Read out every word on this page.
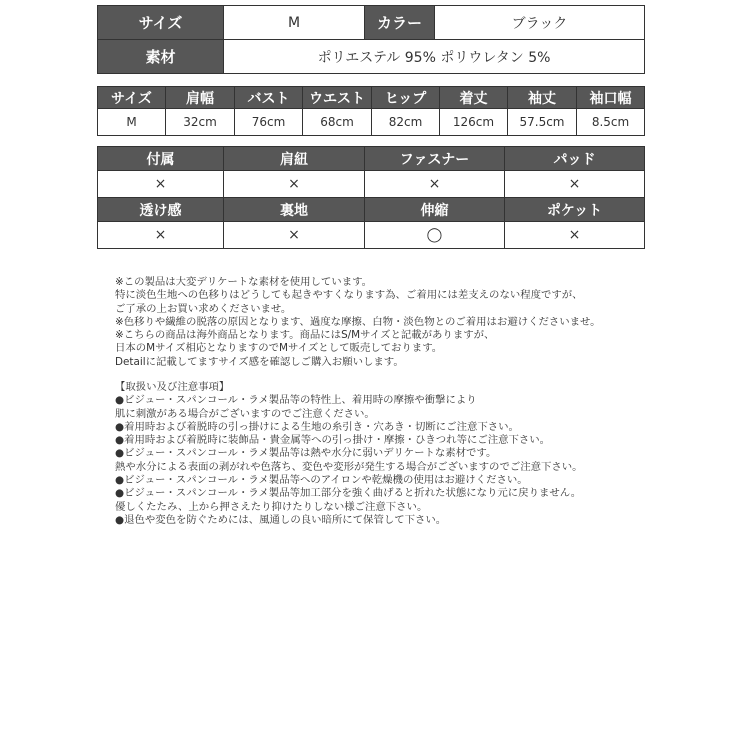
サイズ	M	カラー	ブラック
素材	ポリエステル 95% ポリウレタン 5%		
サイズ	肩幅	バスト	ウエスト	ヒップ	着丈	袖丈	袖口幅
M	32cm	76cm	68cm	82cm	126cm	57.5cm	8.5cm
付属	肩紐	ファスナー	パッド
×	×	×	×
透け感	裏地	伸縮	ポケット
×	×	◯	×
※この製品は大変デリケートな素材を使用しています。
特に淡色生地への色移りはどうしても起きやすくなります為、ご着用には差支えのない程度ですが、
ご了承の上お買い求めくださいませ。
※色移りや繊維の脱落の原因となります、過度な摩擦、白物・淡色物とのご着用はお避けくださいませ。
※こちらの商品は海外商品となります。商品にはS/Mサイズと記載がありますが、
日本のMサイズ相応となりますのでMサイズとして販売しております。
Detailに記載してますサイズ感を確認しご購入お願いします。
【取扱い及び注意事項】
●ビジュー・スパンコール・ラメ製品等の特性上、着用時の摩擦や衝撃により
肌に刺激がある場合がございますのでご注意ください。
●着用時および着脱時の引っ掛けによる生地の糸引き・穴あき・切断にご注意下さい。
●着用時および着脱時に装飾品・貴金属等への引っ掛け・摩擦・ひきつれ等にご注意下さい。
●ビジュー・スパンコール・ラメ製品等は熱や水分に弱いデリケートな素材です。
熱や水分による表面の剥がれや色落ち、変色や変形が発生する場合がございますのでご注意下さい。
●ビジュー・スパンコール・ラメ製品等へのアイロンや乾燥機の使用はお避けください。
●ビジュー・スパンコール・ラメ製品等加工部分を強く曲げると折れた状態になり元に戻りません。
優しくたたみ、上から押さえたり抑けたりしない様ご注意下さい。
●退色や変色を防ぐためには、風通しの良い暗所にて保管して下さい。
